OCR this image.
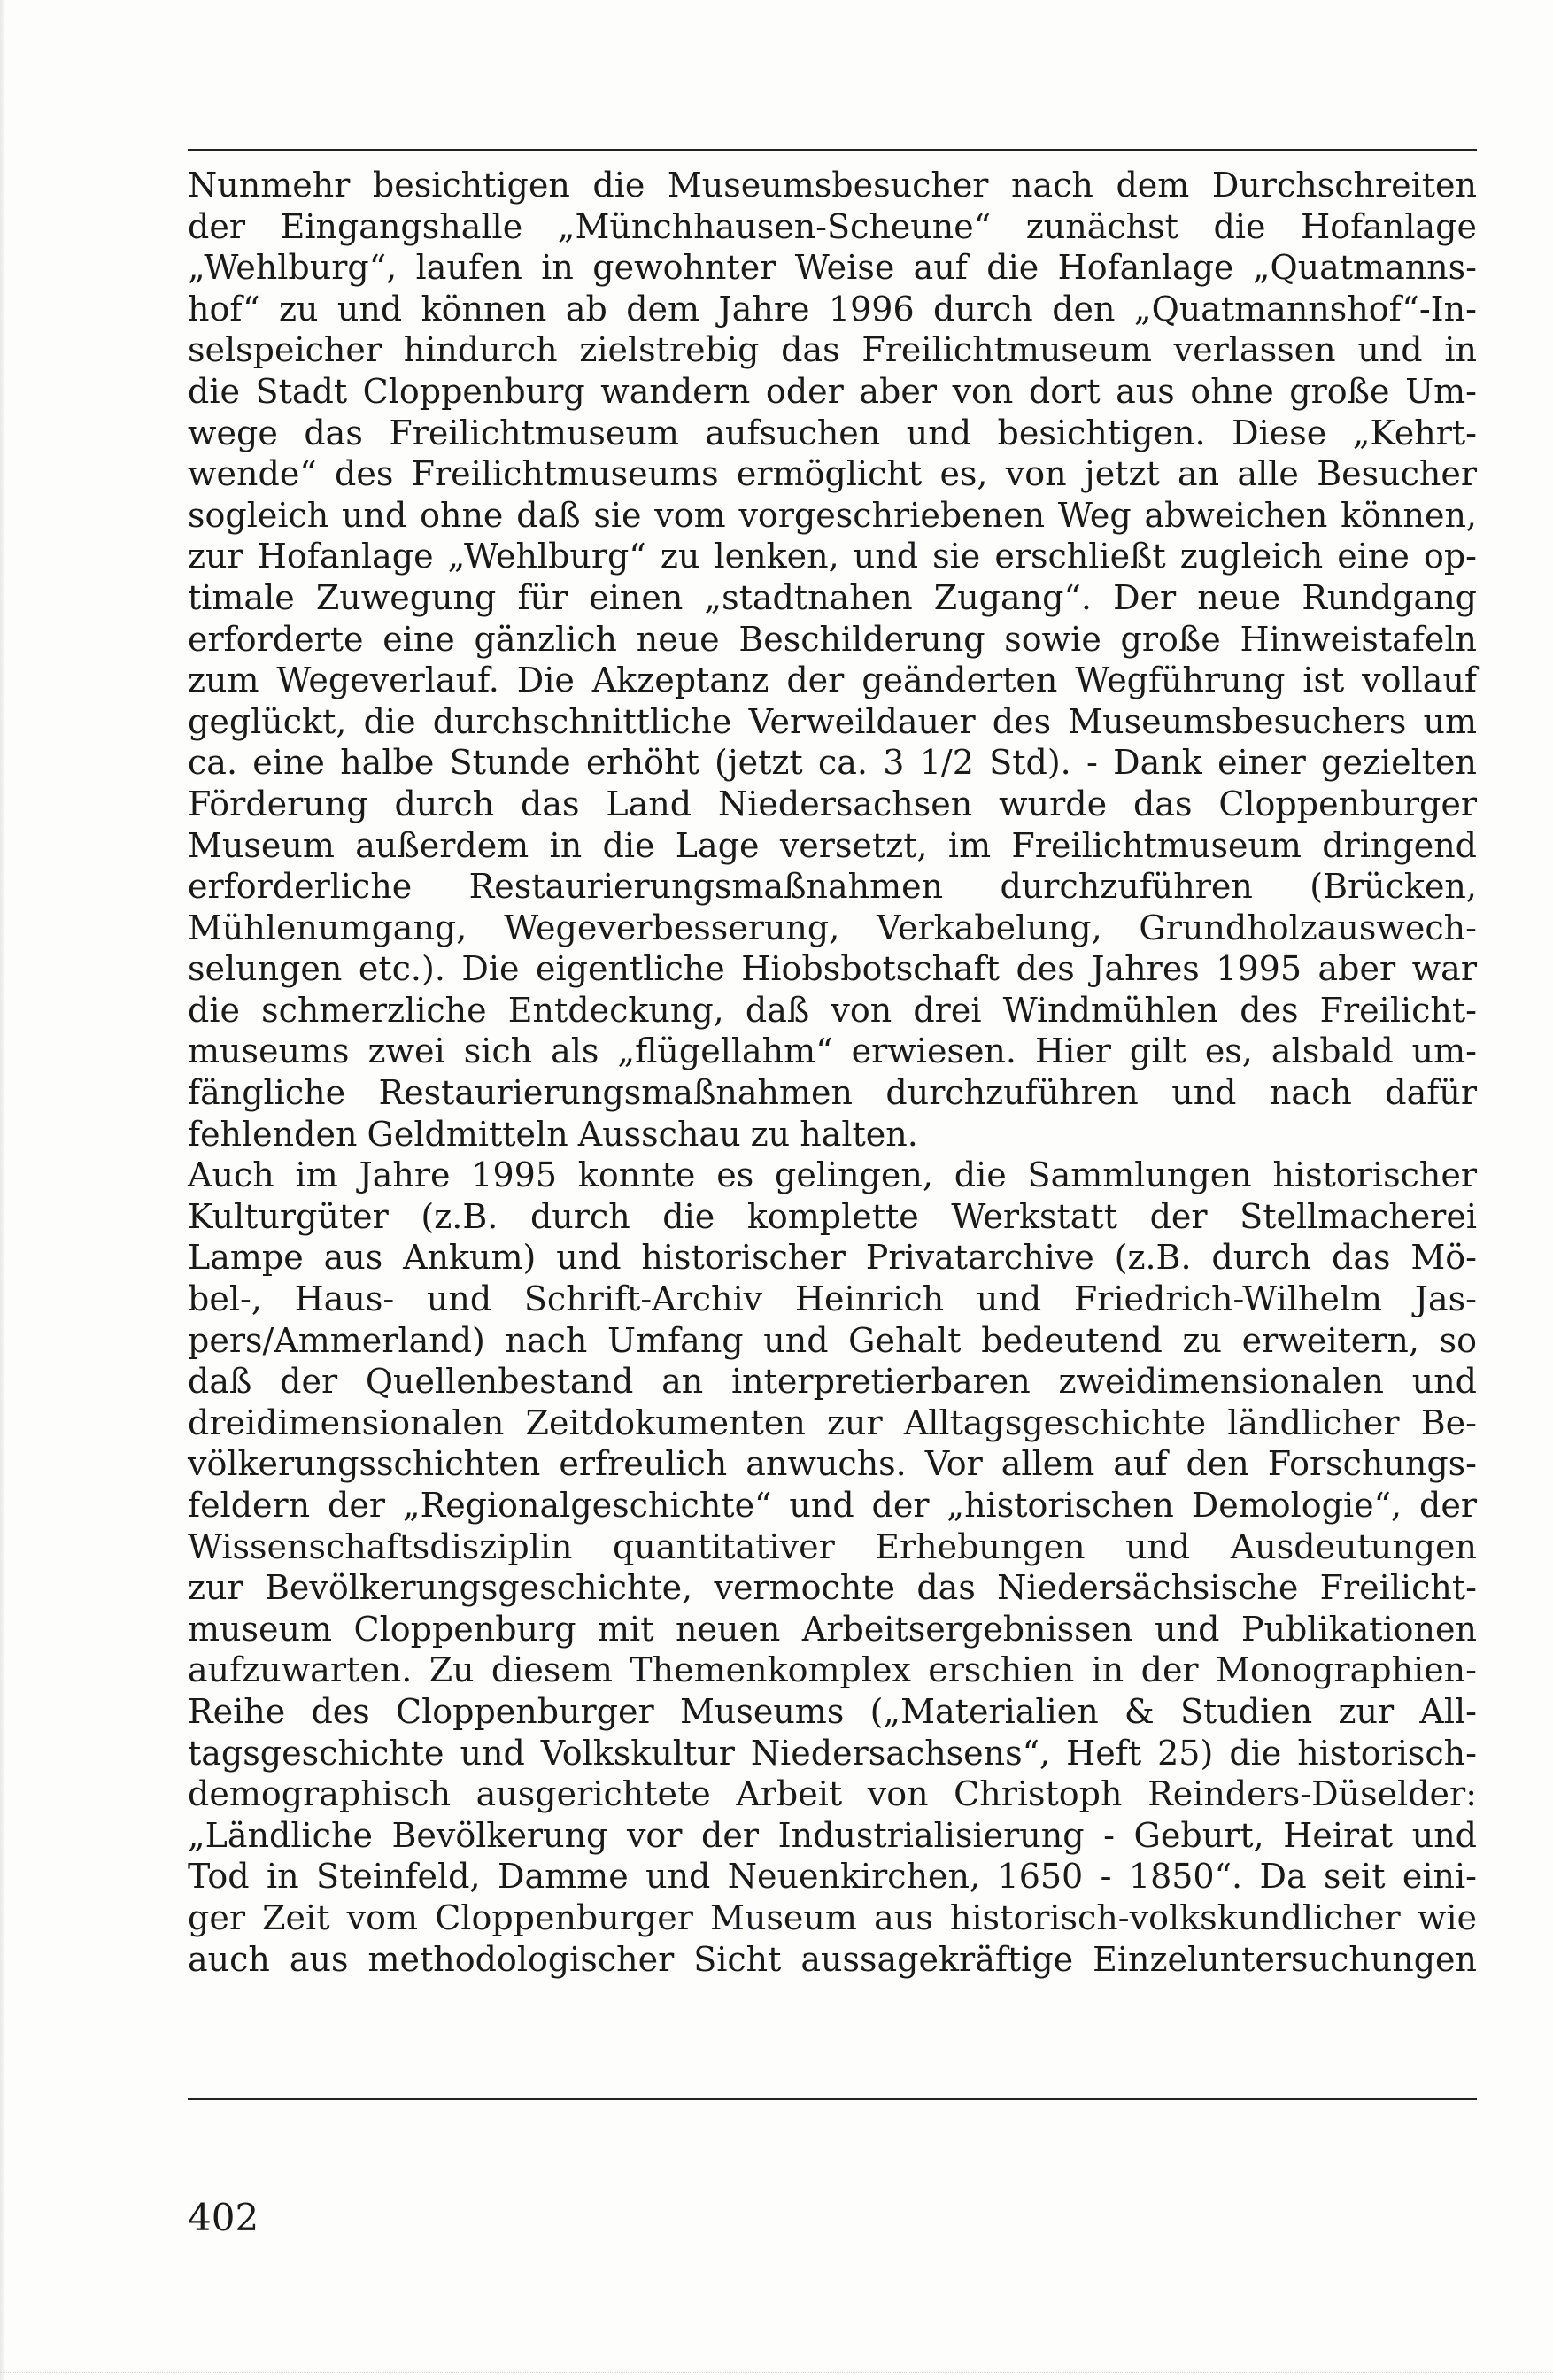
Nunmehr besichtigen die Museumsbesucher nach dem Durchschreiten
der Eingangshalle „Münchhausen-Scheune“ zunächst die Hofanlage
„Wehlburg“, laufen in gewohnter Weise auf die Hofanlage „Quatmanns-
hof“ zu und können ab dem Jahre 1996 durch den „Quatmannshof“-In-
selspeicher hindurch zielstrebig das Freilichtmuseum verlassen und in
die Stadt Cloppenburg wandern oder aber von dort aus ohne große Um-
wege das Freilichtmuseum aufsuchen und besichtigen. Diese „Kehrt-
wende“ des Freilichtmuseums ermöglicht es, von jetzt an alle Besucher
sogleich und ohne daß sie vom vorgeschriebenen Weg abweichen können,
zur Hofanlage „Wehlburg“ zu lenken, und sie erschließt zugleich eine op-
timale Zuwegung für einen „stadtnahen Zugang“. Der neue Rundgang
erforderte eine gänzlich neue Beschilderung sowie große Hinweistafeln
zum Wegeverlauf. Die Akzeptanz der geänderten Wegführung ist vollauf
geglückt, die durchschnittliche Verweildauer des Museumsbesuchers um
ca. eine halbe Stunde erhöht (jetzt ca. 3 1/2 Std). - Dank einer gezielten
Förderung durch das Land Niedersachsen wurde das Cloppenburger
Museum außerdem in die Lage versetzt, im Freilichtmuseum dringend
erforderliche Restaurierungsmaßnahmen durchzuführen (Brücken,
Mühlenumgang, Wegeverbesserung, Verkabelung, Grundholzauswech-
selungen etc.). Die eigentliche Hiobsbotschaft des Jahres 1995 aber war
die schmerzliche Entdeckung, daß von drei Windmühlen des Freilicht-
museums zwei sich als „flügellahm“ erwiesen. Hier gilt es, alsbald um-
fängliche Restaurierungsmaßnahmen durchzuführen und nach dafür
fehlenden Geldmitteln Ausschau zu halten.
Auch im Jahre 1995 konnte es gelingen, die Sammlungen historischer
Kulturgüter (z.B. durch die komplette Werkstatt der Stellmacherei
Lampe aus Ankum) und historischer Privatarchive (z.B. durch das Mö-
bel-, Haus- und Schrift-Archiv Heinrich und Friedrich-Wilhelm Jas-
pers/Ammerland) nach Umfang und Gehalt bedeutend zu erweitern, so
daß der Quellenbestand an interpretierbaren zweidimensionalen und
dreidimensionalen Zeitdokumenten zur Alltagsgeschichte ländlicher Be-
völkerungsschichten erfreulich anwuchs. Vor allem auf den Forschungs-
feldern der „Regionalgeschichte“ und der „historischen Demologie“, der
Wissenschaftsdisziplin quantitativer Erhebungen und Ausdeutungen
zur Bevölkerungsgeschichte, vermochte das Niedersächsische Freilicht-
museum Cloppenburg mit neuen Arbeitsergebnissen und Publikationen
aufzuwarten. Zu diesem Themenkomplex erschien in der Monographien-
Reihe des Cloppenburger Museums („Materialien & Studien zur All-
tagsgeschichte und Volkskultur Niedersachsens“, Heft 25) die historisch-
demographisch ausgerichtete Arbeit von Christoph Reinders-Düselder:
„Ländliche Bevölkerung vor der Industrialisierung - Geburt, Heirat und
Tod in Steinfeld, Damme und Neuenkirchen, 1650 - 1850“. Da seit eini-
ger Zeit vom Cloppenburger Museum aus historisch-volkskundlicher wie
auch aus methodologischer Sicht aussagekräftige Einzeluntersuchungen
402
